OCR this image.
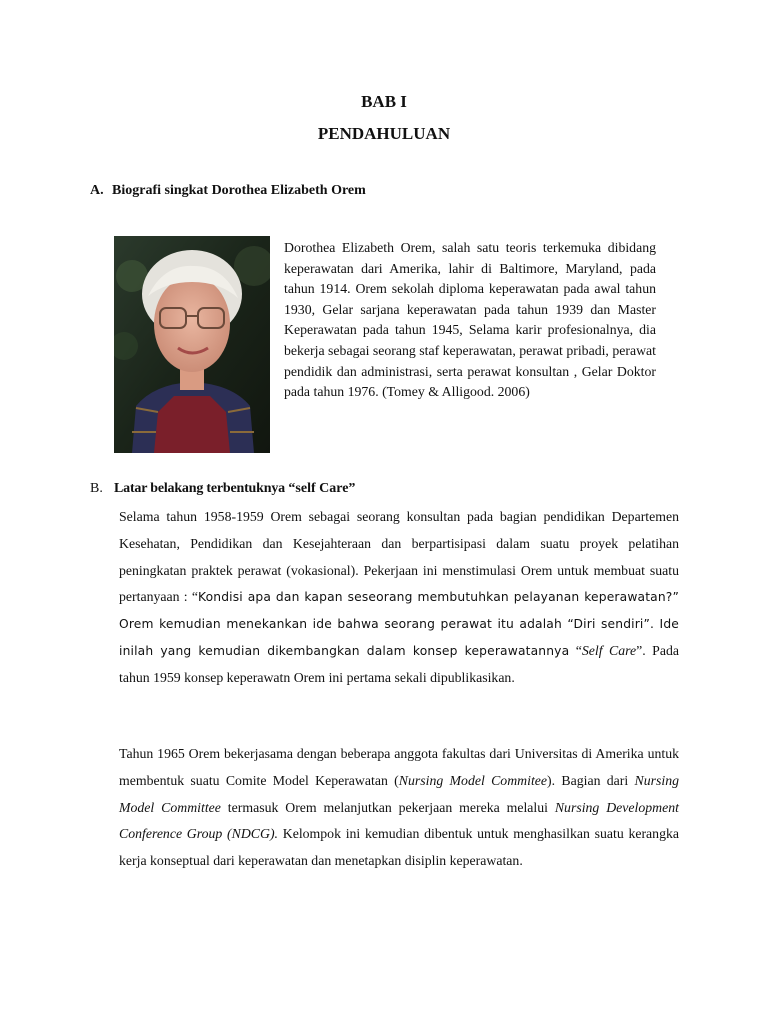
BAB I
PENDAHULUAN

A. Biografi singkat Dorothea Elizabeth Orem

Dorothea Elizabeth Orem, salah satu teoris terkemuka dibidang keperawatan dari Amerika, lahir di Baltimore, Maryland, pada tahun 1914. Orem sekolah diploma keperawatan pada awal tahun 1930, Gelar sarjana keperawatan pada tahun 1939 dan Master Keperawatan pada tahun 1945, Selama karir profesionalnya, dia bekerja sebagai seorang staf keperawatan, perawat pribadi, perawat pendidik dan administrasi, serta perawat konsultan , Gelar Doktor pada tahun 1976. (Tomey & Alligood. 2006)

B. Latar belakang terbentuknya “self Care”

Selama tahun 1958-1959 Orem sebagai seorang konsultan pada bagian pendidikan Departemen Kesehatan, Pendidikan dan Kesejahteraan dan berpartisipasi dalam suatu proyek pelatihan peningkatan praktek perawat (vokasional). Pekerjaan ini menstimulasi Orem untuk membuat suatu pertanyaan : “Kondisi apa dan kapan seseorang membutuhkan pelayanan keperawatan?” Orem kemudian menekankan ide bahwa seorang perawat itu adalah “Diri sendiri”. Ide inilah yang kemudian dikembangkan dalam konsep keperawatannya “Self Care”. Pada tahun 1959 konsep keperawatn Orem ini pertama sekali dipublikasikan.

Tahun 1965 Orem bekerjasama dengan beberapa anggota fakultas dari Universitas di Amerika untuk membentuk suatu Comite Model Keperawatan (Nursing Model Commitee). Bagian dari Nursing Model Committee termasuk Orem melanjutkan pekerjaan mereka melalui Nursing Development Conference Group (NDCG). Kelompok ini kemudian dibentuk untuk menghasilkan suatu kerangka kerja konseptual dari keperawatan dan menetapkan disiplin keperawatan.
